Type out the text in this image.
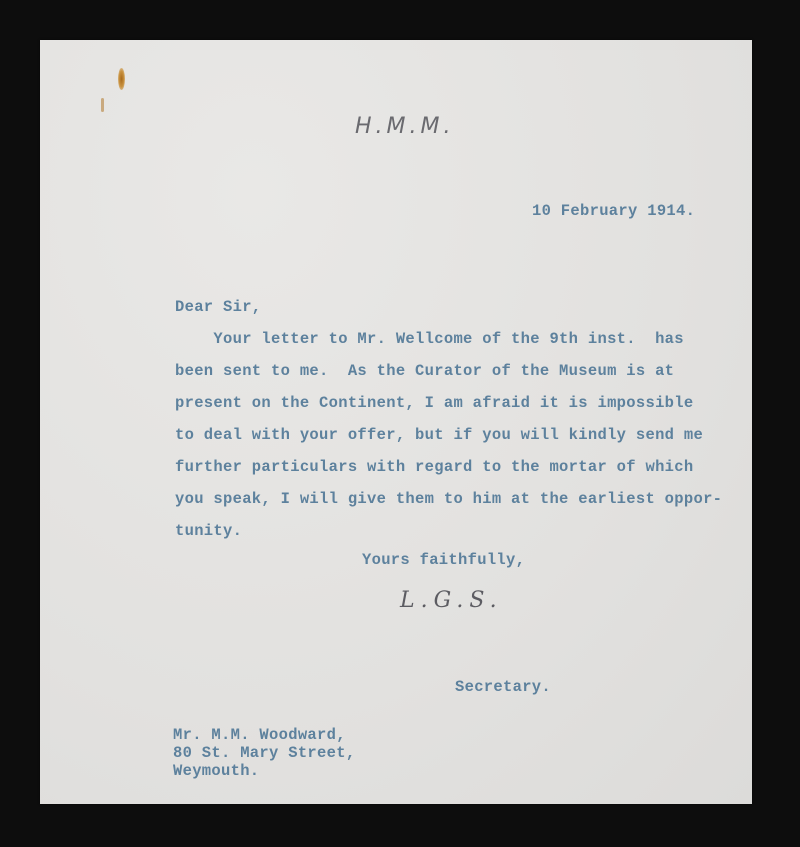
H.M.M.
10 February 1914.
Dear Sir,
Your letter to Mr. Wellcome of the 9th inst.  has
been sent to me.  As the Curator of the Museum is at
present on the Continent, I am afraid it is impossible
to deal with your offer, but if you will kindly send me
further particulars with regard to the mortar of which
you speak, I will give them to him at the earliest oppor-
tunity.
Yours faithfully,
L.G.S.
Secretary.
Mr. M.M. Woodward,
80 St. Mary Street,
Weymouth.
